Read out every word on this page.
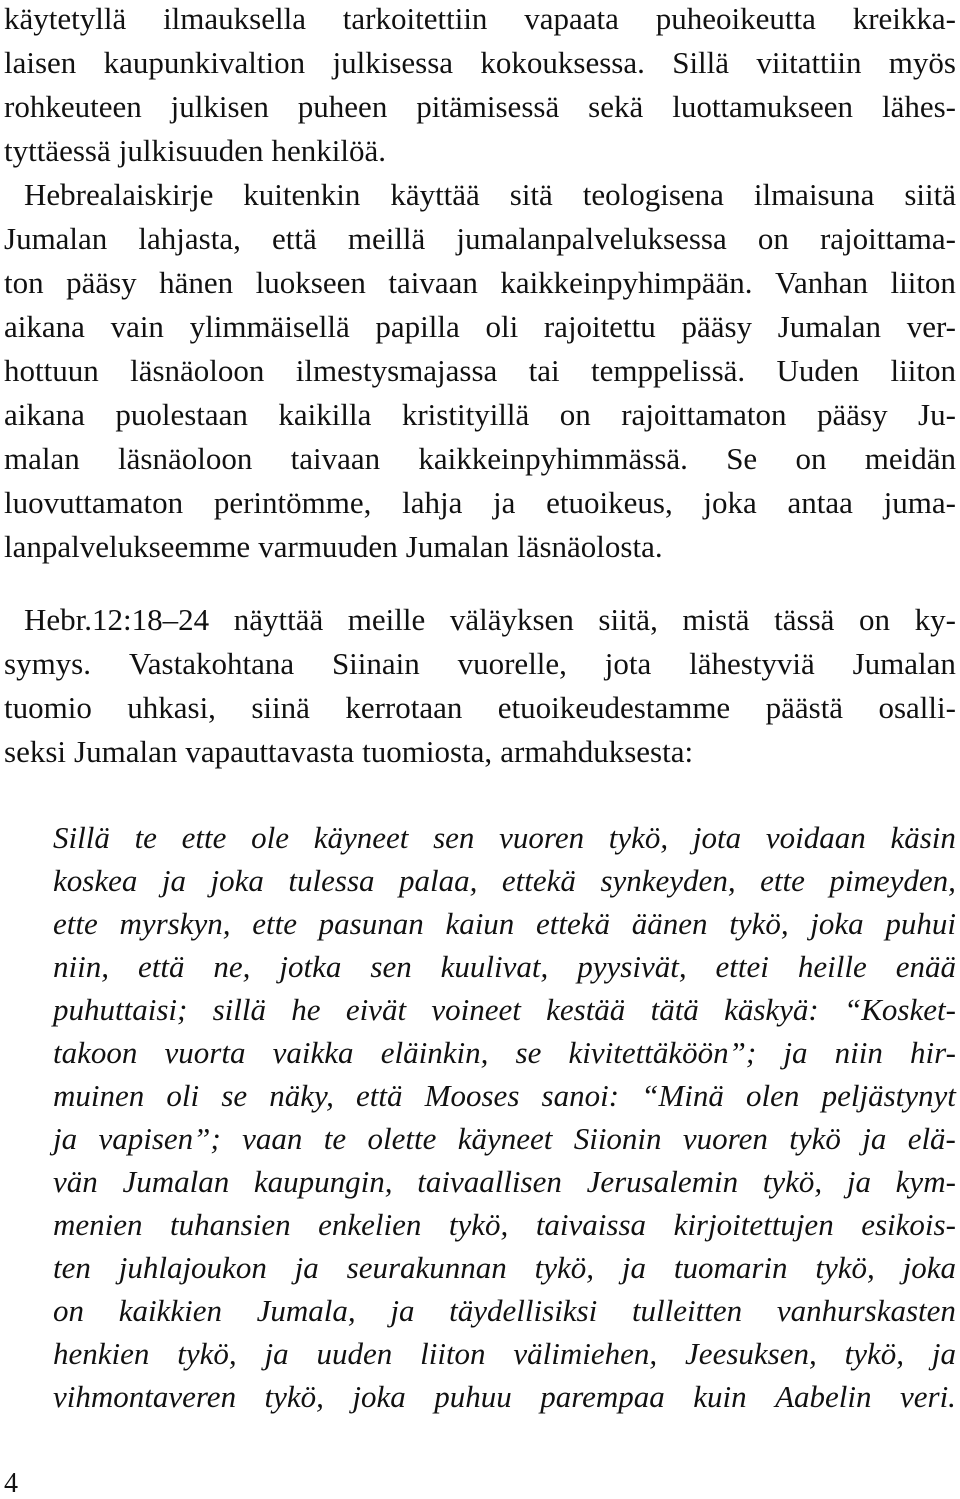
käytetyllä ilmauksella tarkoitettiin vapaata puheoikeutta kreikka-
laisen kaupunkivaltion julkisessa kokouksessa. Sillä viitattiin myös
rohkeuteen julkisen puheen pitämisessä sekä luottamukseen lähes-
tyttäessä julkisuuden henkilöä.
Hebrealaiskirje kuitenkin käyttää sitä teologisena ilmaisuna siitä
Jumalan lahjasta, että meillä jumalanpalveluksessa on rajoittama-
ton pääsy hänen luokseen taivaan kaikkeinpyhimpään. Vanhan liiton
aikana vain ylimmäisellä papilla oli rajoitettu pääsy Jumalan ver-
hottuun läsnäoloon ilmestysmajassa tai temppelissä. Uuden liiton
aikana puolestaan kaikilla kristityillä on rajoittamaton pääsy Ju-
malan läsnäoloon taivaan kaikkeinpyhimmässä. Se on meidän
luovuttamaton perintömme, lahja ja etuoikeus, joka antaa juma-
lanpalvelukseemme varmuuden Jumalan läsnäolosta.
Hebr.12:18–24 näyttää meille väläyksen siitä, mistä tässä on ky-
symys. Vastakohtana Siinain vuorelle, jota lähestyviä Jumalan
tuomio uhkasi, siinä kerrotaan etuoikeudestamme päästä osalli-
seksi Jumalan vapauttavasta tuomiosta, armahduksesta:
Sillä te ette ole käyneet sen vuoren tykö, jota voidaan käsin
koskea ja joka tulessa palaa, ettekä synkeyden, ette pimeyden,
ette myrskyn, ette pasunan kaiun ettekä äänen tykö, joka puhui
niin, että ne, jotka sen kuulivat, pyysivät, ettei heille enää
puhuttaisi; sillä he eivät voineet kestää tätä käskyä: “Kosket-
takoon vuorta vaikka eläinkin, se kivitettäköön”; ja niin hir-
muinen oli se näky, että Mooses sanoi: “Minä olen peljästynyt
ja vapisen”; vaan te olette käyneet Siionin vuoren tykö ja elä-
vän Jumalan kaupungin, taivaallisen Jerusalemin tykö, ja kym-
menien tuhansien enkelien tykö, taivaissa kirjoitettujen esikois-
ten juhlajoukon ja seurakunnan tykö, ja tuomarin tykö, joka
on kaikkien Jumala, ja täydellisiksi tulleitten vanhurskasten
henkien tykö, ja uuden liiton välimiehen, Jeesuksen, tykö, ja
vihmontaveren tykö, joka puhuu parempaa kuin Aabelin veri.
4
